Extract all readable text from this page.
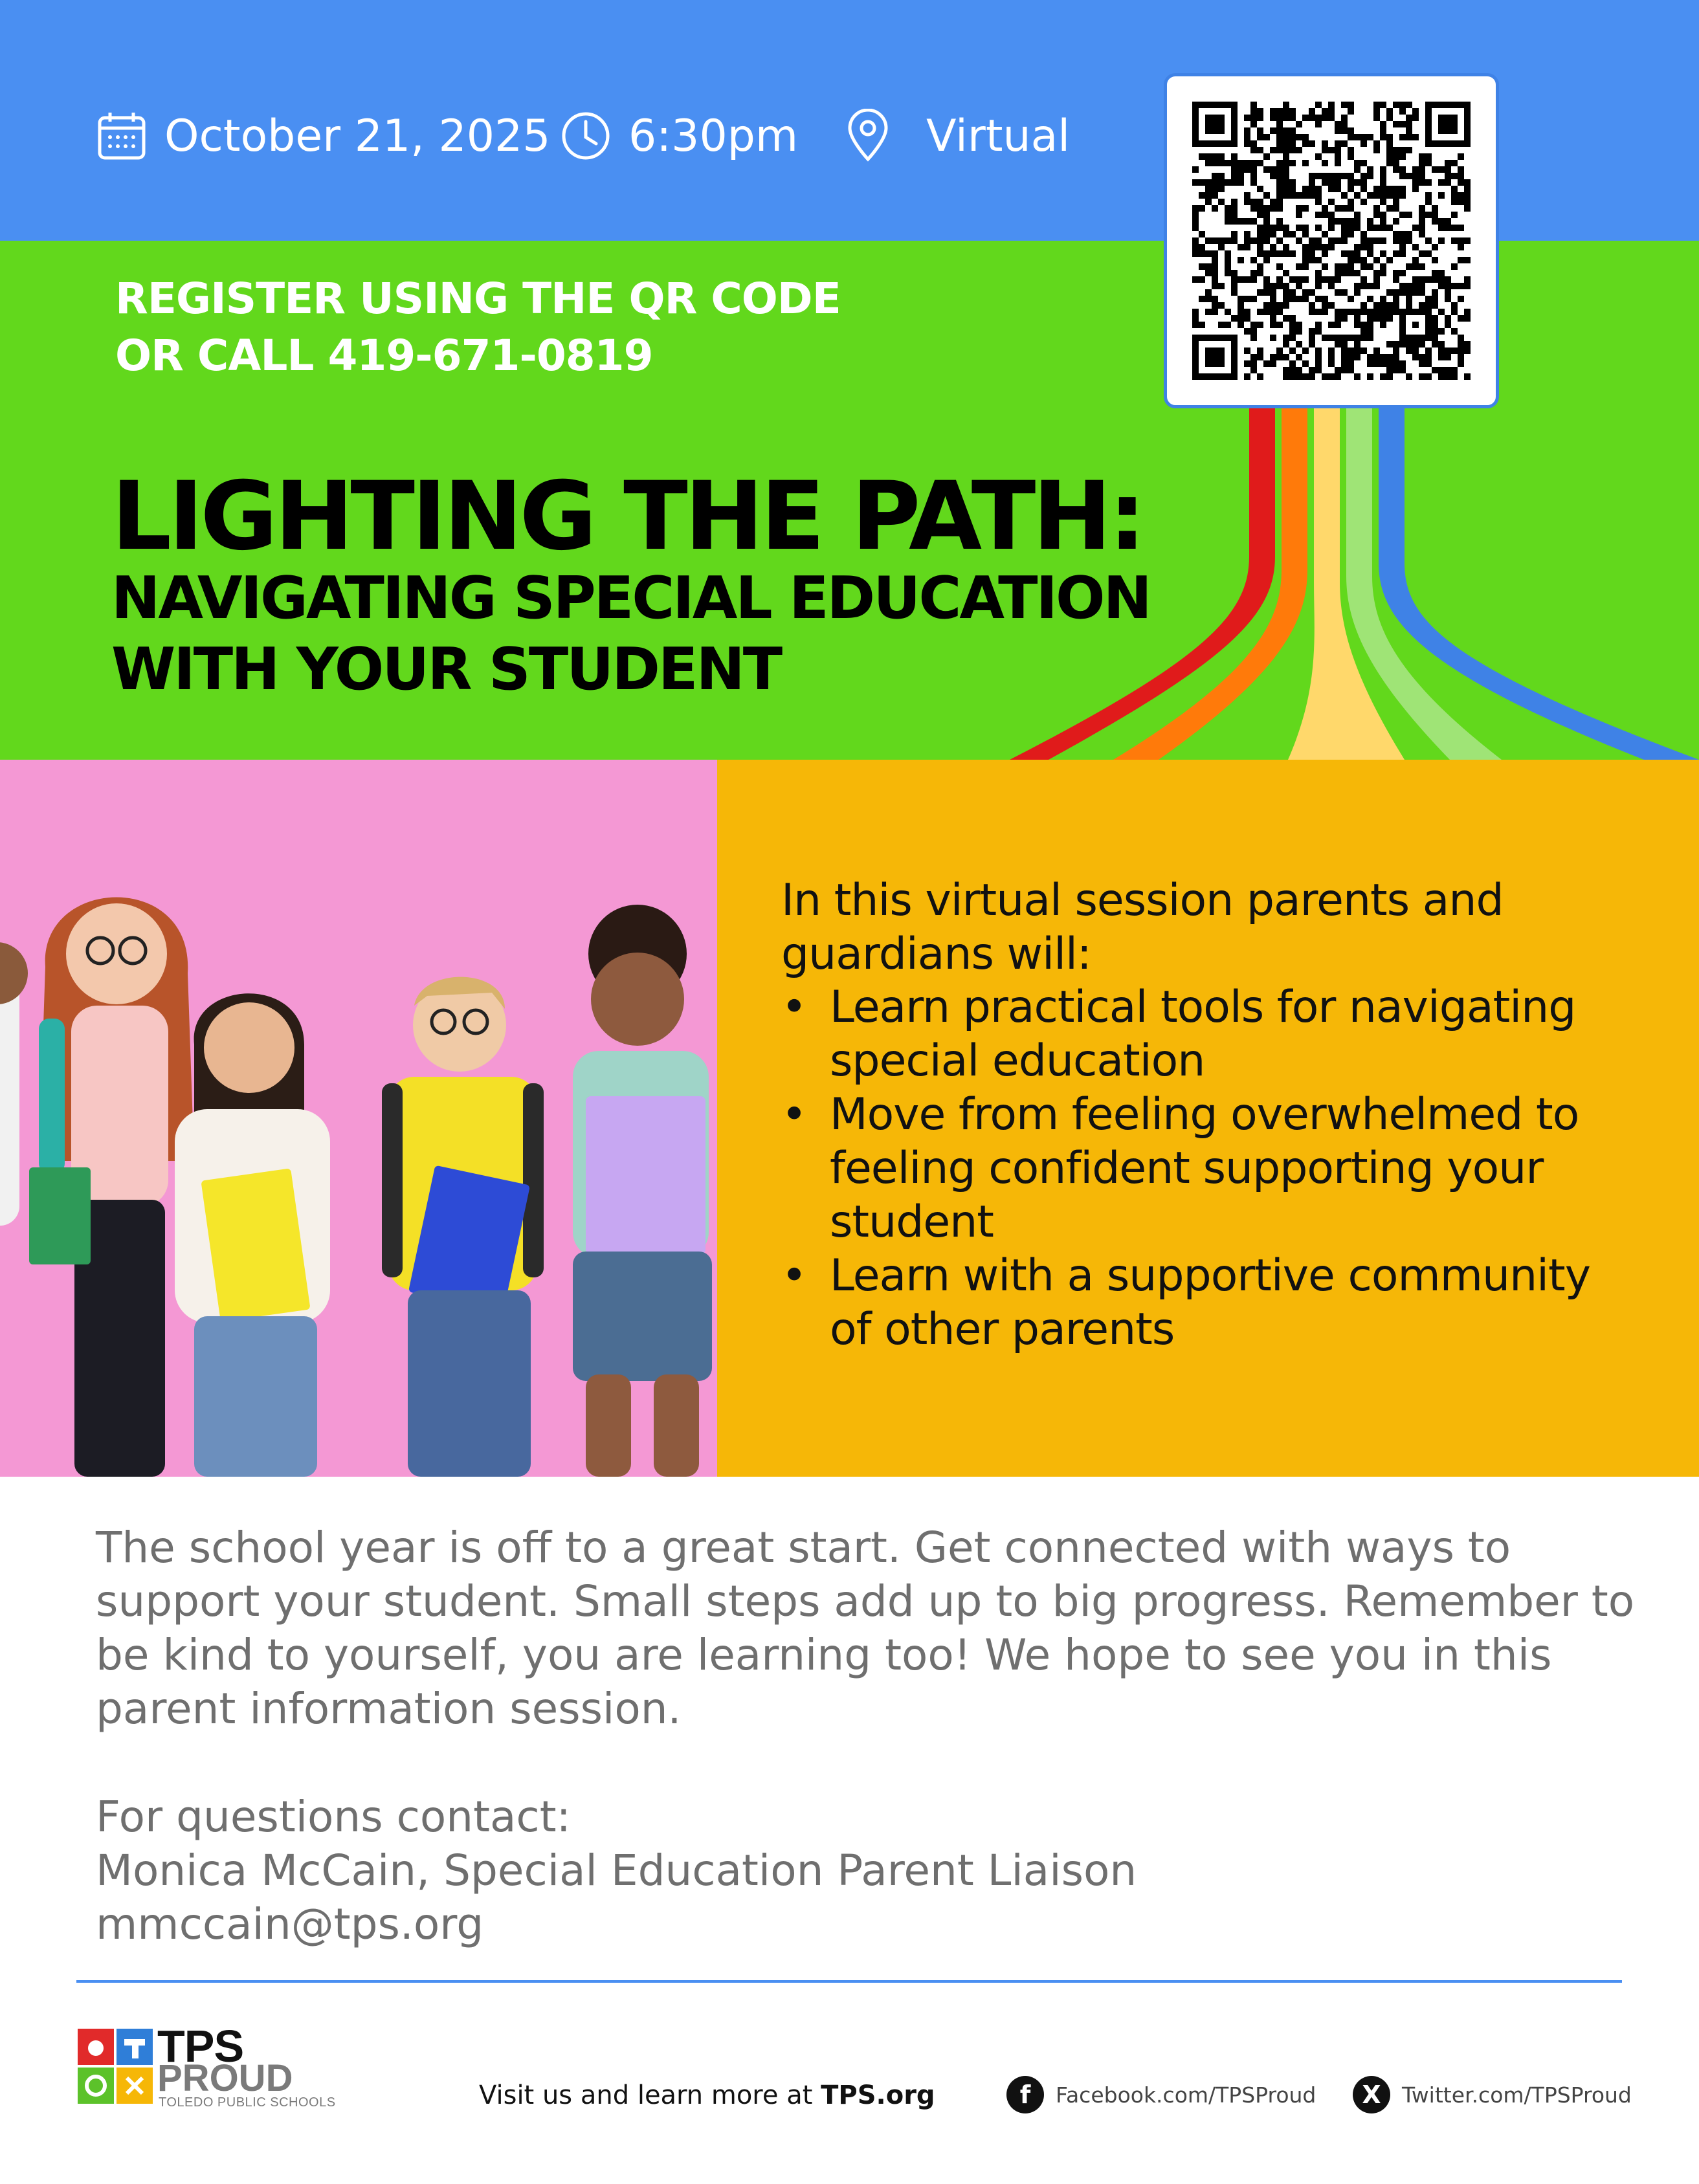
October 21, 2025 6:30pm	Virtual
REGISTER USING THE QR CODE
OR CALL 419-671-0819
LIGHTING THE PATH:
NAVIGATING SPECIAL EDUCATION
WITH YOUR STUDENT
In this virtual session parents and guardians will:
• Learn practical tools for navigating special education
• Move from feeling overwhelmed to feeling confident supporting your student
• Learn with a supportive community of other parents
The school year is off to a great start. Get connected with ways to support your student. Small steps add up to big progress. Remember to be kind to yourself, you are learning too! We hope to see you in this parent information session.
For questions contact:
Monica McCain, Special Education Parent Liaison
mmccain@tps.org
TPS
PROUD
TOLEDO PUBLIC SCHOOLS	Visit us and learn more at TPS.org	f	Facebook.com/TPSProud	X Twitter.com/TPSProud
